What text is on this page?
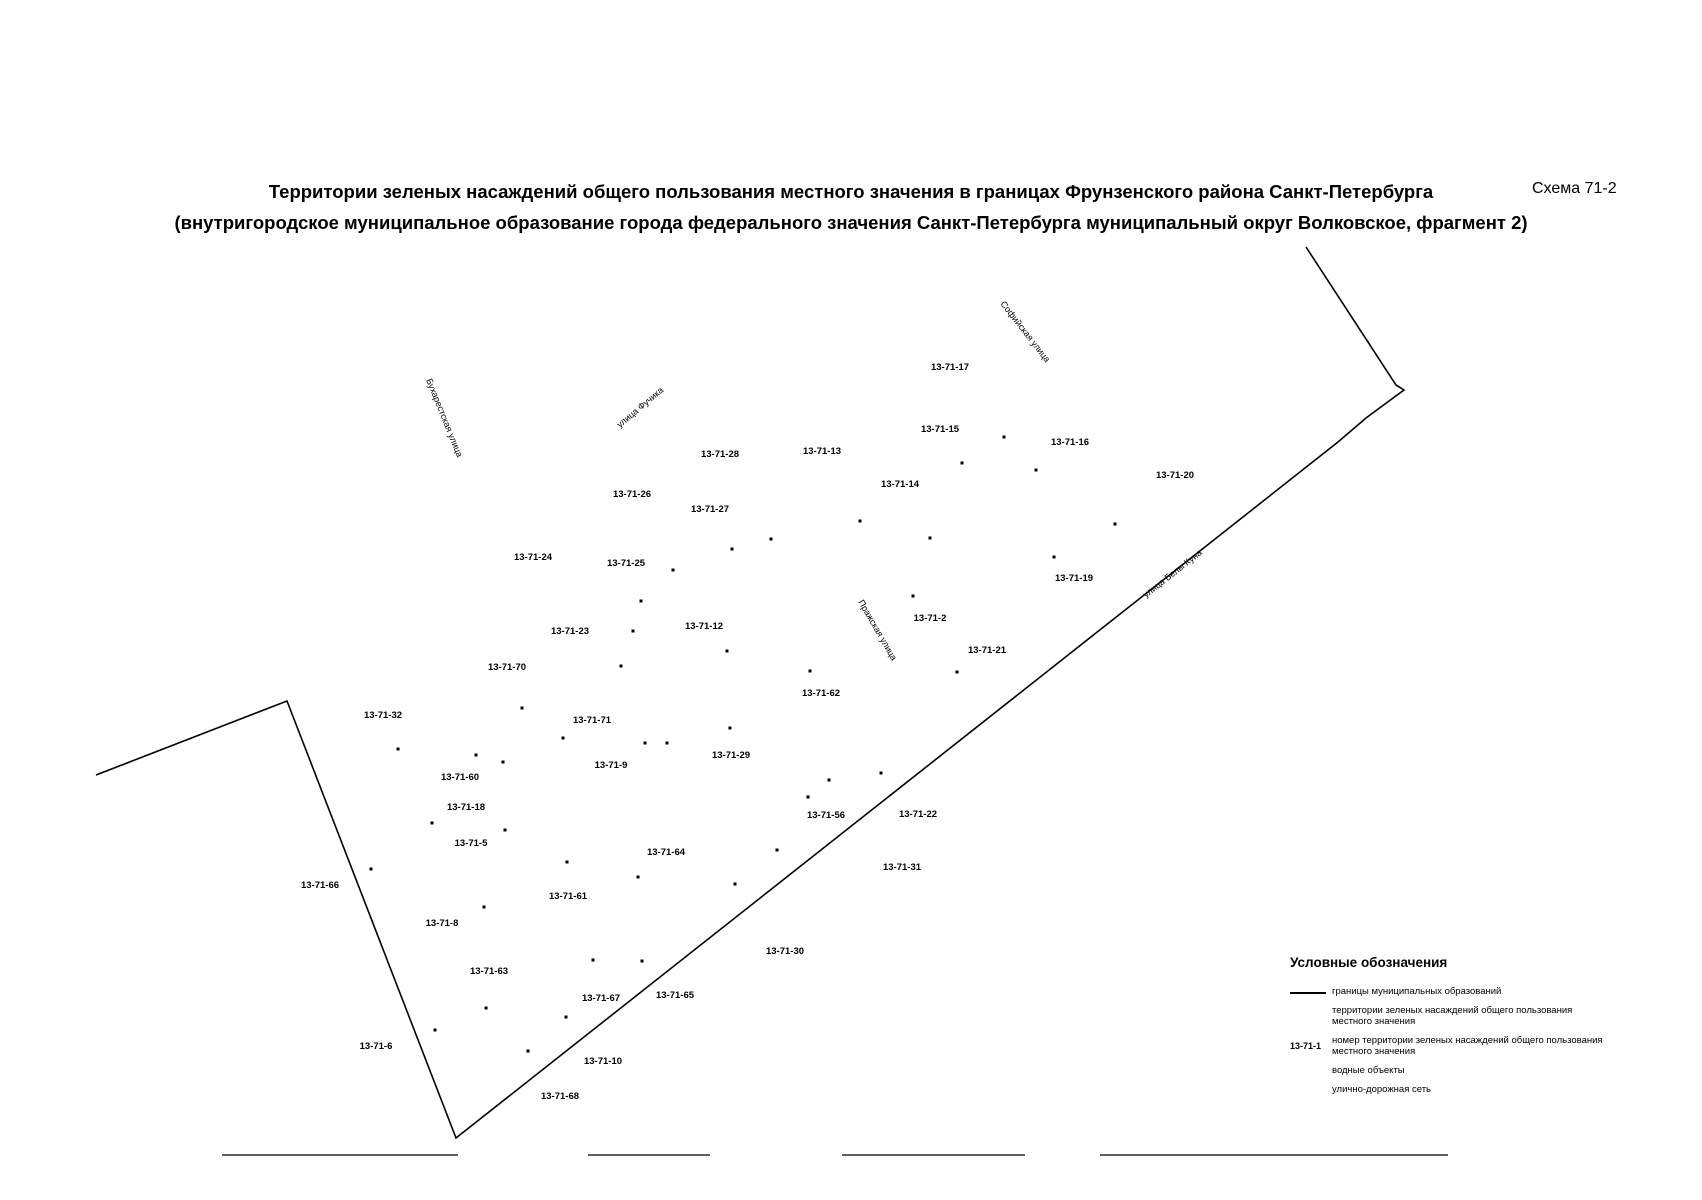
Территории зеленых насаждений общего пользования местного значения в границах Фрунзенского района Санкт-Петербурга
(внутригородское муниципальное образование города федерального значения Санкт-Петербурга муниципальный округ Волковское, фрагмент 2)
Схема 71-2
Бухарестская улица	улица Фучика
Софийская улица
Пражская улица
улица Белы Куна
13-71-17
13-71-15
13-71-16
13-71-28	13-71-13
13-71-20
13-71-14
13-71-26
13-71-27
13-71-24
13-71-25
13-71-19
13-71-12
13-71-2
13-71-23
13-71-70
13-71-21
13-71-62
13-71-32	13-71-71
13-71-29
13-71-9
13-71-60
13-71-18
13-71-56	13-71-22
13-71-5
13-71-64
13-71-31
13-71-66
13-71-61
13-71-8
13-71-30
13-71-63
13-71-67	13-71-65
13-71-6
13-71-10
13-71-68
Условные обозначения
границы муниципальных образований
территории зеленых насаждений общего пользования местного значения
13-71-1 номер территории зеленых насаждений общего пользования местного значения
водные объекты
улично-дорожная сеть
